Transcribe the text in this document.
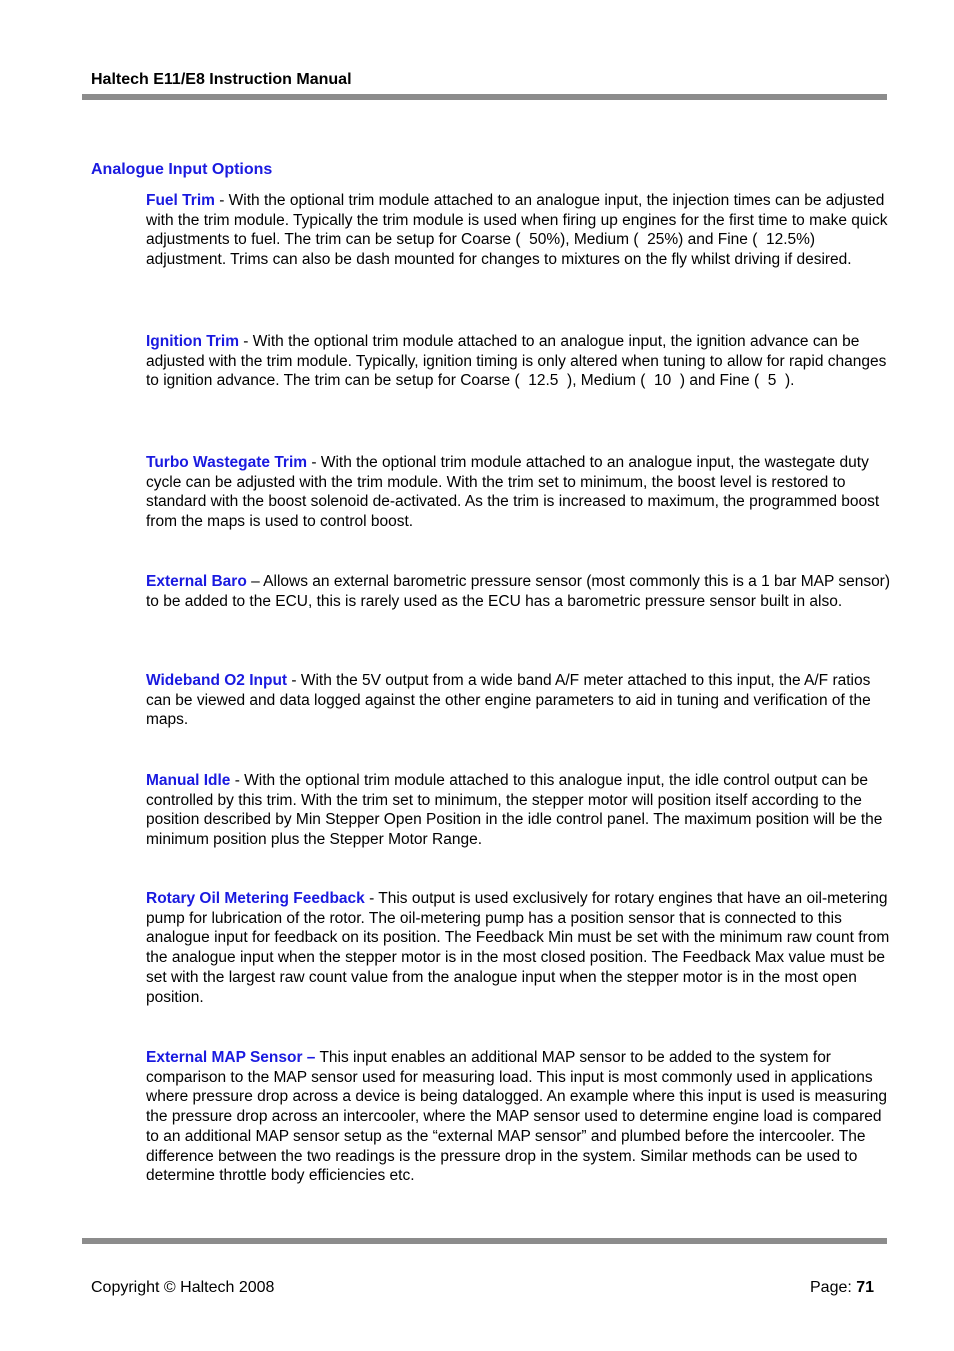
Haltech E11/E8 Instruction Manual
Analogue Input Options

Fuel Trim - With the optional trim module attached to an analogue input, the injection times can be adjusted with the trim module. Typically the trim module is used when firing up engines for the first time to make quick adjustments to fuel. The trim can be setup for Coarse (  50%), Medium (  25%) and Fine (  12.5%) adjustment. Trims can also be dash mounted for changes to mixtures on the fly whilst driving if desired.

Ignition Trim - With the optional trim module attached to an analogue input, the ignition advance can be adjusted with the trim module. Typically, ignition timing is only altered when tuning to allow for rapid changes to ignition advance. The trim can be setup for Coarse (  12.5  ), Medium (  10  ) and Fine (  5  ).

Turbo Wastegate Trim - With the optional trim module attached to an analogue input, the wastegate duty cycle can be adjusted with the trim module. With the trim set to minimum, the boost level is restored to standard with the boost solenoid de-activated. As the trim is increased to maximum, the programmed boost from the maps is used to control boost.

External Baro – Allows an external barometric pressure sensor (most commonly this is a 1 bar MAP sensor) to be added to the ECU, this is rarely used as the ECU has a barometric pressure sensor built in also.

Wideband O2 Input - With the 5V output from a wide band A/F meter attached to this input, the A/F ratios can be viewed and data logged against the other engine parameters to aid in tuning and verification of the maps.

Manual Idle - With the optional trim module attached to this analogue input, the idle control output can be controlled by this trim. With the trim set to minimum, the stepper motor will position itself according to the position described by Min Stepper Open Position in the idle control panel. The maximum position will be the minimum position plus the Stepper Motor Range.

Rotary Oil Metering Feedback - This output is used exclusively for rotary engines that have an oil-metering pump for lubrication of the rotor. The oil-metering pump has a position sensor that is connected to this analogue input for feedback on its position. The Feedback Min must be set with the minimum raw count from the analogue input when the stepper motor is in the most closed position. The Feedback Max value must be set with the largest raw count value from the analogue input when the stepper motor is in the most open position.

External MAP Sensor – This input enables an additional MAP sensor to be added to the system for comparison to the MAP sensor used for measuring load. This input is most commonly used in applications where pressure drop across a device is being datalogged. An example where this input is used is measuring the pressure drop across an intercooler, where the MAP sensor used to determine engine load is compared to an additional MAP sensor setup as the “external MAP sensor” and plumbed before the intercooler. The difference between the two readings is the pressure drop in the system. Similar methods can be used to determine throttle body efficiencies etc.

Copyright © Haltech 2008	Page: 71
